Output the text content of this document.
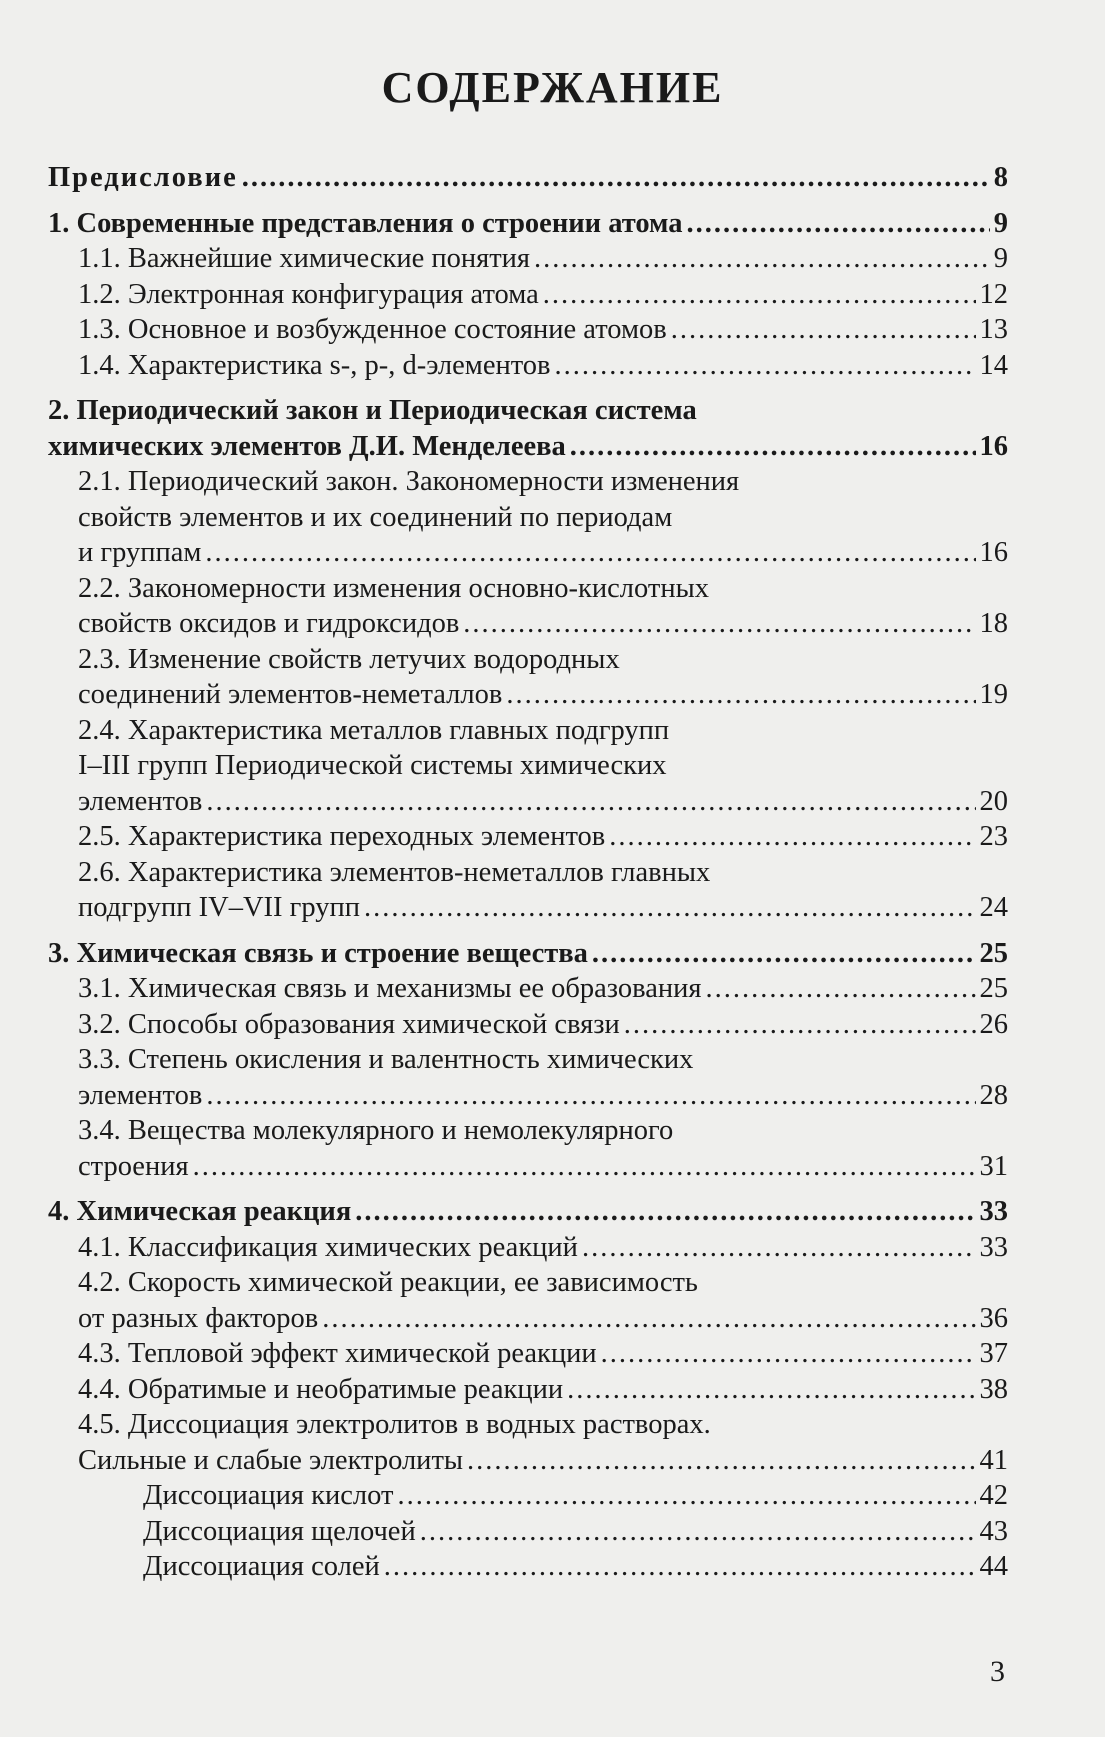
СОДЕРЖАНИЕ
Предисловие .....	8
1. Современные представления о строении атома .....	9
1.1. Важнейшие химические понятия .....	9
1.2. Электронная конфигурация атома .....	12
1.3. Основное и возбужденное состояние атомов .....	13
1.4. Характеристика s-, p-, d-элементов .....	14
2. Периодический закон и Периодическая система
химических элементов Д.И. Менделеева .....	16
2.1. Периодический закон. Закономерности изменения
свойств элементов и их соединений по периодам
и группам .....	16
2.2. Закономерности изменения основно-кислотных
свойств оксидов и гидроксидов .....	18
2.3. Изменение свойств летучих водородных
соединений элементов-неметаллов .....	19
2.4. Характеристика металлов главных подгрупп
I–III групп Периодической системы химических
элементов .....	20
2.5. Характеристика переходных элементов .....	23
2.6. Характеристика элементов-неметаллов главных
подгрупп IV–VII групп .....	24
3. Химическая связь и строение вещества .....	25
3.1. Химическая связь и механизмы ее образования .....	25
3.2. Способы образования химической связи .....	26
3.3. Степень окисления и валентность химических
элементов .....	28
3.4. Вещества молекулярного и немолекулярного
строения .....	31
4. Химическая реакция .....	33
4.1. Классификация химических реакций .....	33
4.2. Скорость химической реакции, ее зависимость
от разных факторов .....	36
4.3. Тепловой эффект химической реакции .....	37
4.4. Обратимые и необратимые реакции .....	38
4.5. Диссоциация электролитов в водных растворах.
Сильные и слабые электролиты .....	41
Диссоциация кислот .....	42
Диссоциация щелочей .....	43
Диссоциация солей .....	44
3
